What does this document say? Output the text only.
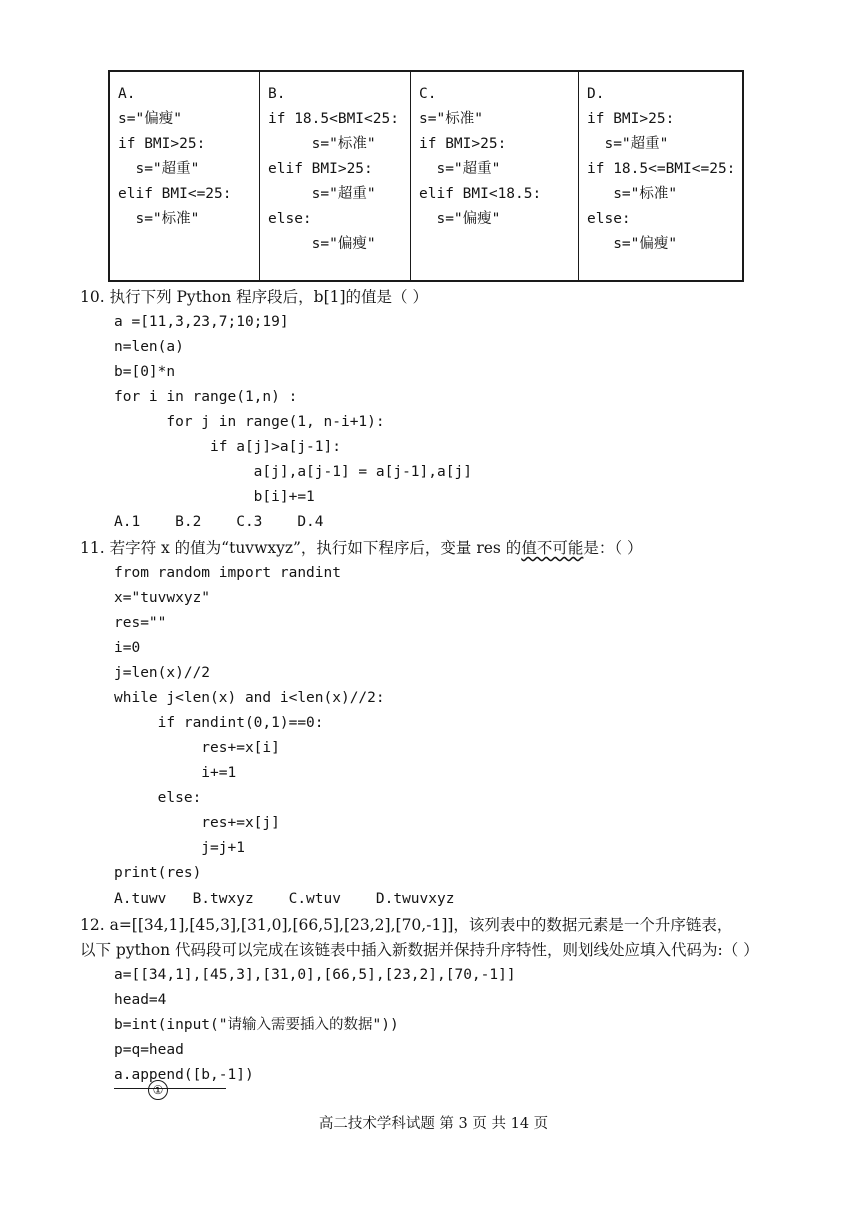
A.
s="偏瘦"
if BMI>25:
s="超重"
elif BMI<=25:
s="标准"
B.
if 18.5<BMI<25:
s="标准"
elif BMI>25:
s="超重"
else:
s="偏瘦"
C.
s="标准"
if BMI>25:
s="超重"
elif BMI<18.5:
s="偏瘦"
D.
if BMI>25:
s="超重"
if 18.5<=BMI<=25:
s="标准"
else:
s="偏瘦"
10. 执行下列 Python 程序段后，b[1]的值是（ ）
a =[11,3,23,7;10;19]
n=len(a)
b=[0]*n
for i in range(1,n) :
for j in range(1, n-i+1):
if a[j]>a[j-1]:
a[j],a[j-1] = a[j-1],a[j]
b[i]+=1
A.1    B.2    C.3    D.4
11. 若字符 x 的值为“tuvwxyz”，执行如下程序后，变量 res 的值不可能是：（ ）
from random import randint
x="tuvwxyz"
res=""
i=0
j=len(x)//2
while j<len(x) and i<len(x)//2:
if randint(0,1)==0:
res+=x[i]
i+=1
else:
res+=x[j]
j=j+1
print(res)
A.tuwv   B.twxyz    C.wtuv    D.twuvxyz
12. a=[[34,1],[45,3],[31,0],[66,5],[23,2],[70,-1]]，该列表中的数据元素是一个升序链表，
以下 python 代码段可以完成在该链表中插入新数据并保持升序特性，则划线处应填入代码为:（ ）
a=[[34,1],[45,3],[31,0],[66,5],[23,2],[70,-1]]
head=4
b=int(input("请输入需要插入的数据"))
p=q=head
a.append([b,-1])
①
高二技术学科试题 第 3 页 共 14 页
